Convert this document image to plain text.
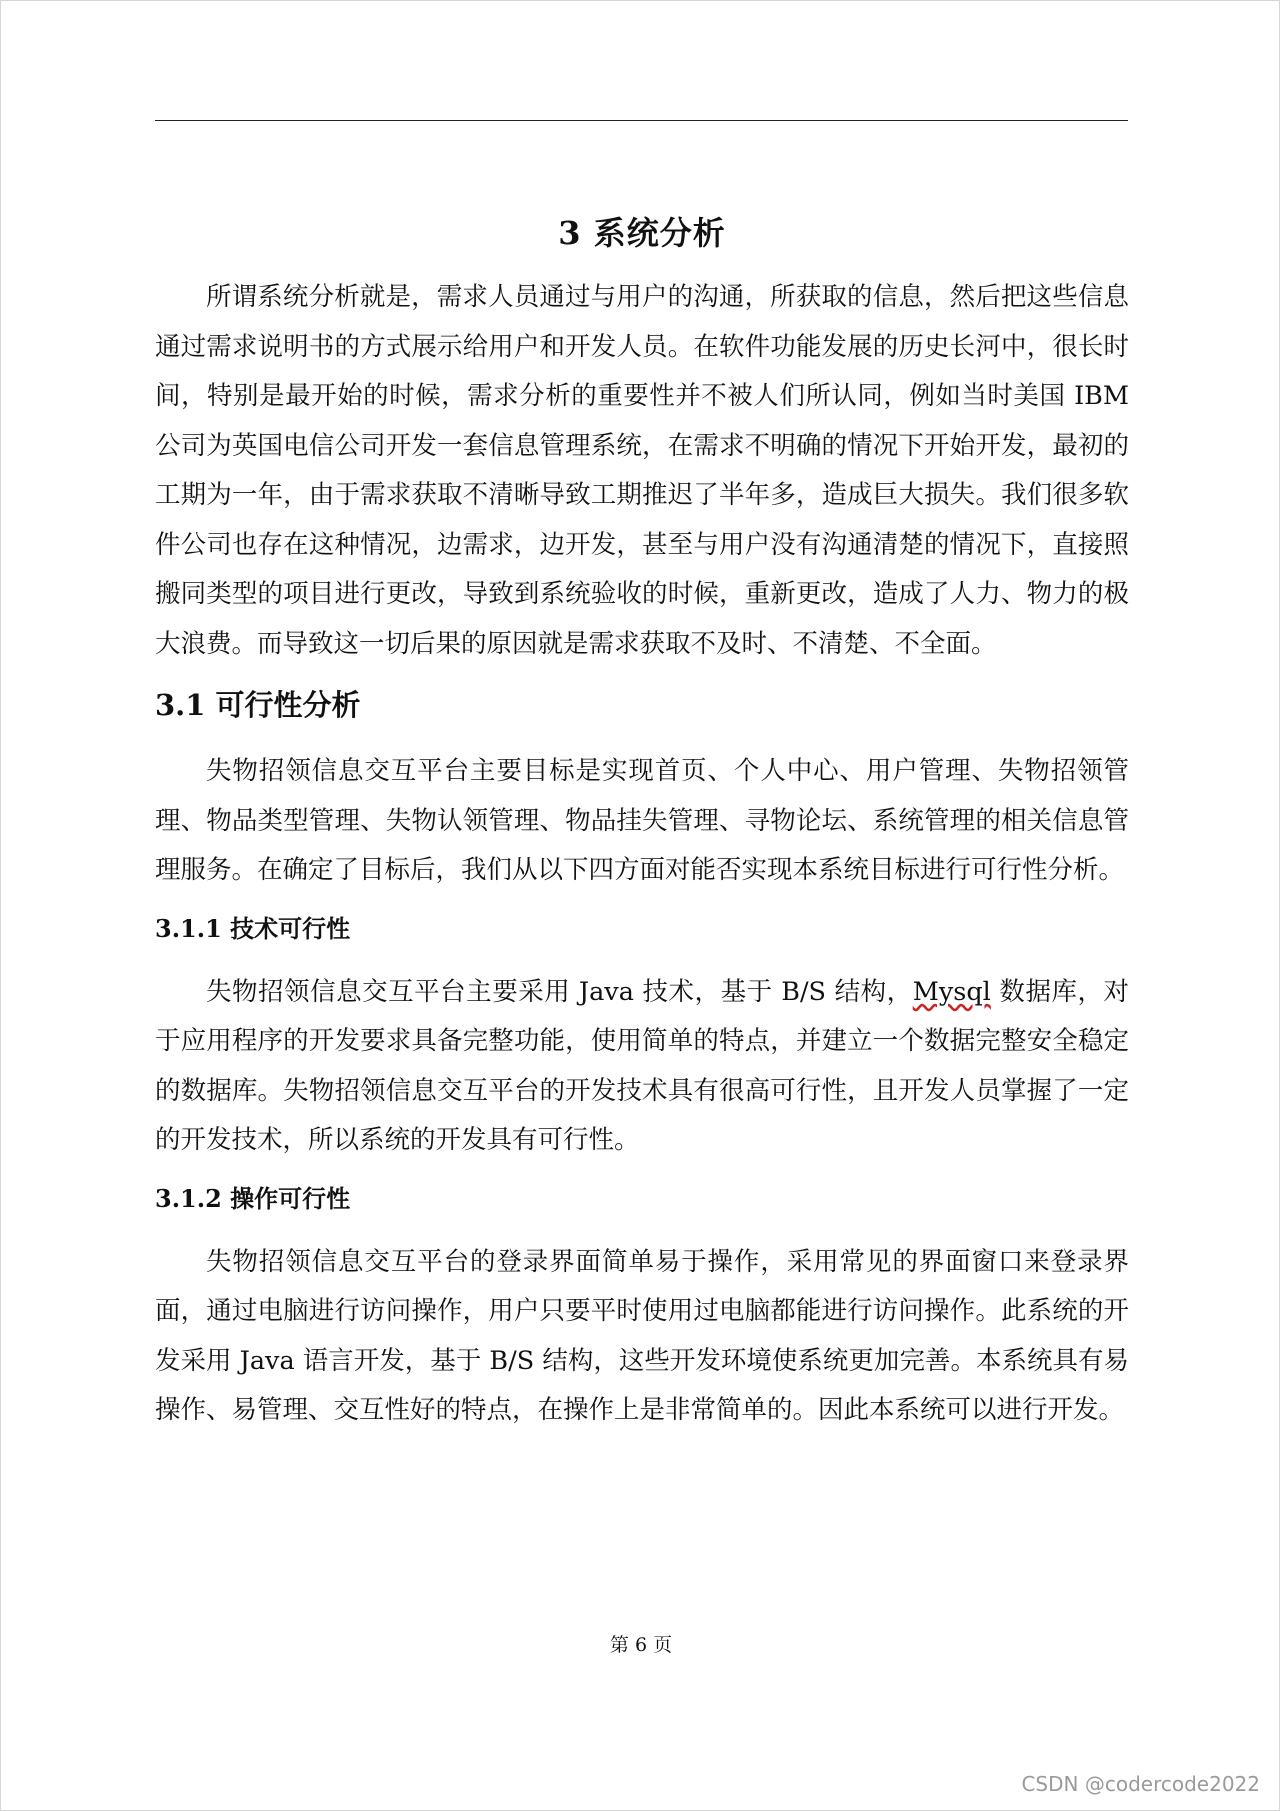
3 系统分析

所谓系统分析就是，需求人员通过与用户的沟通，所获取的信息，然后把这些信息通过需求说明书的方式展示给用户和开发人员。在软件功能发展的历史长河中，很长时间，特别是最开始的时候，需求分析的重要性并不被人们所认同，例如当时美国 IBM 公司为英国电信公司开发一套信息管理系统，在需求不明确的情况下开始开发，最初的工期为一年，由于需求获取不清晰导致工期推迟了半年多，造成巨大损失。我们很多软件公司也存在这种情况，边需求，边开发，甚至与用户没有沟通清楚的情况下，直接照搬同类型的项目进行更改，导致到系统验收的时候，重新更改，造成了人力、物力的极大浪费。而导致这一切后果的原因就是需求获取不及时、不清楚、不全面。

3.1 可行性分析

失物招领信息交互平台主要目标是实现首页、个人中心、用户管理、失物招领管理、物品类型管理、失物认领管理、物品挂失管理、寻物论坛、系统管理的相关信息管理服务。在确定了目标后，我们从以下四方面对能否实现本系统目标进行可行性分析。

3.1.1 技术可行性

失物招领信息交互平台主要采用 Java 技术，基于 B/S 结构，Mysql 数据库，对于应用程序的开发要求具备完整功能，使用简单的特点，并建立一个数据完整安全稳定的数据库。失物招领信息交互平台的开发技术具有很高可行性，且开发人员掌握了一定的开发技术，所以系统的开发具有可行性。

3.1.2 操作可行性

失物招领信息交互平台的登录界面简单易于操作，采用常见的界面窗口来登录界面，通过电脑进行访问操作，用户只要平时使用过电脑都能进行访问操作。此系统的开发采用 Java 语言开发，基于 B/S 结构，这些开发环境使系统更加完善。本系统具有易操作、易管理、交互性好的特点，在操作上是非常简单的。因此本系统可以进行开发。

第 6 页
CSDN @codercode2022
